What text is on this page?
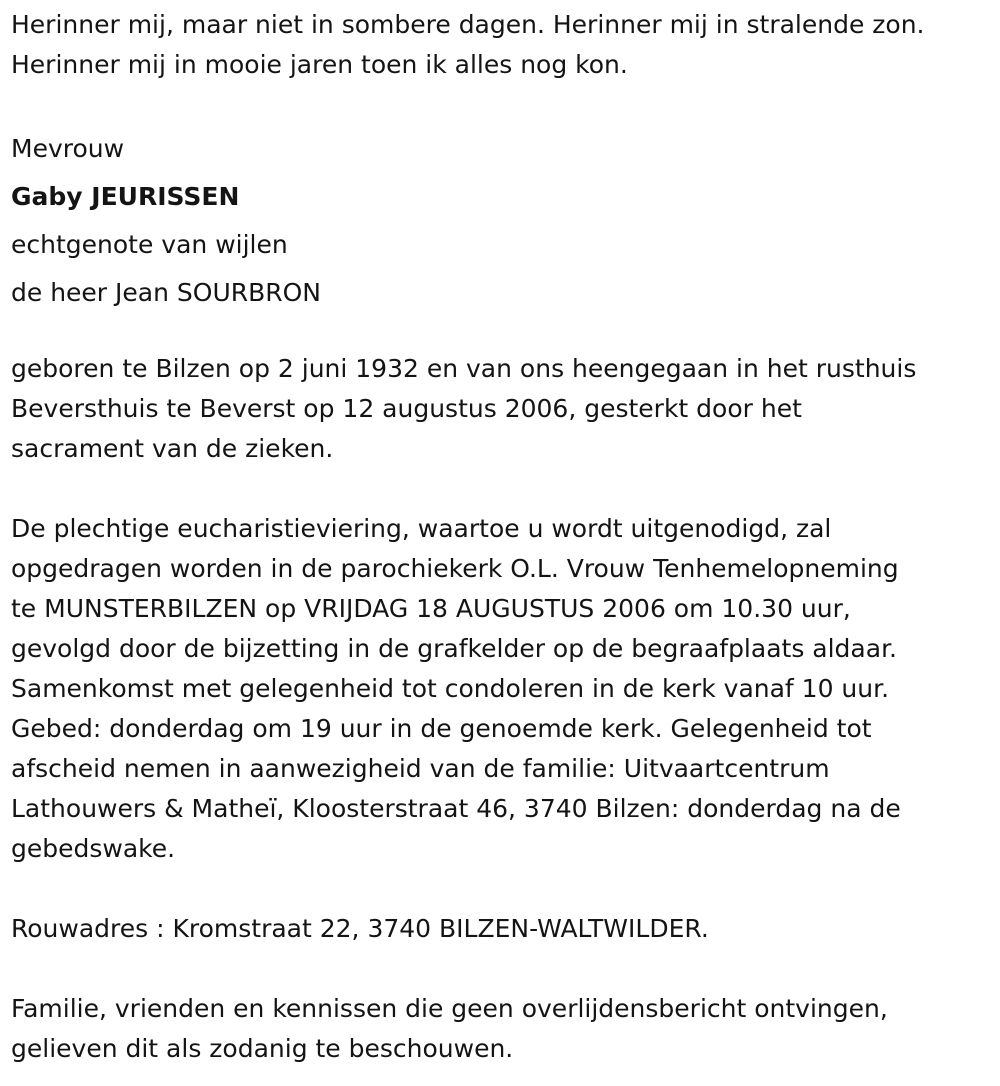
Herinner mij, maar niet in sombere dagen. Herinner mij in stralende zon.
Herinner mij in mooie jaren toen ik alles nog kon.

Mevrouw
Gaby JEURISSEN
echtgenote van wijlen
de heer Jean SOURBRON

geboren te Bilzen op 2 juni 1932 en van ons heengegaan in het rusthuis
Beversthuis te Beverst op 12 augustus 2006, gesterkt door het
sacrament van de zieken.

De plechtige eucharistieviering, waartoe u wordt uitgenodigd, zal
opgedragen worden in de parochiekerk O.L. Vrouw Tenhemelopneming
te MUNSTERBILZEN op VRIJDAG 18 AUGUSTUS 2006 om 10.30 uur,
gevolgd door de bijzetting in de grafkelder op de begraafplaats aldaar.
Samenkomst met gelegenheid tot condoleren in de kerk vanaf 10 uur.
Gebed: donderdag om 19 uur in de genoemde kerk. Gelegenheid tot
afscheid nemen in aanwezigheid van de familie: Uitvaartcentrum
Lathouwers & Matheï, Kloosterstraat 46, 3740 Bilzen: donderdag na de
gebedswake.

Rouwadres : Kromstraat 22, 3740 BILZEN-WALTWILDER.

Familie, vrienden en kennissen die geen overlijdensbericht ontvingen,
gelieven dit als zodanig te beschouwen.
